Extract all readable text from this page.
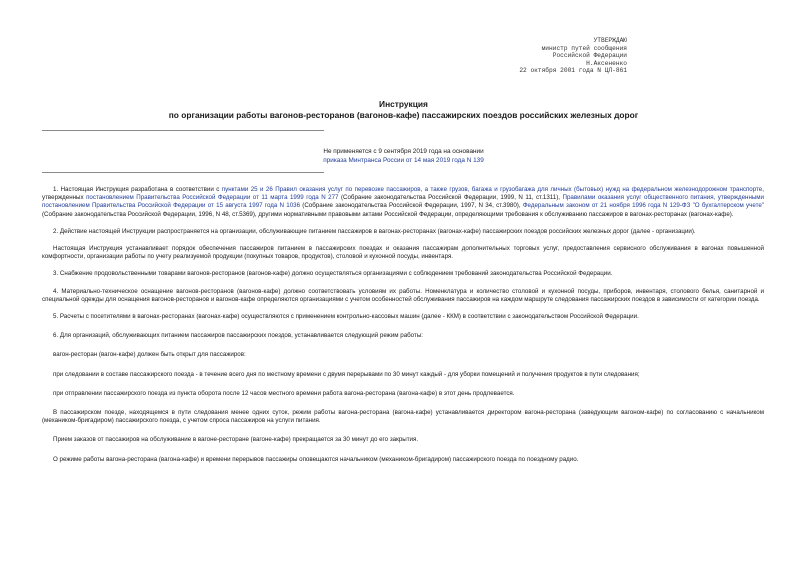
УТВЕРЖДАЮ
министр путей сообщения
Российской Федерации
Н.Аксененко
22 октября 2001 года N ЦЛ-861
Инструкция
по организации работы вагонов-ресторанов (вагонов-кафе) пассажирских поездов российских железных дорог
Не применяется с 9 сентября 2019 года на основании
приказа Минтранса России от 14 мая 2019 года N 139

1. Настоящая Инструкция разработана в соответствии с пунктами 25 и 26 Правил оказания услуг по перевозке пассажиров, а также грузов, багажа и грузобагажа для личных (бытовых) нужд на федеральном железнодорожном транспорте, утвержденных постановлением Правительства Российской Федерации от 11 марта 1999 года N 277 (Собрание законодательства Российской Федерации, 1999, N 11, ст.1311), Правилами оказания услуг общественного питания, утвержденными постановлением Правительства Российской Федерации от 15 августа 1997 года N 1036 (Собрание законодательства Российской Федерации, 1997, N 34, ст.3980), Федеральным законом от 21 ноября 1996 года N 129-ФЗ "О бухгалтерском учете" (Собрание законодательства Российской Федерации, 1996, N 48, ст.5369), другими нормативными правовыми актами Российской Федерации, определяющими требования к обслуживанию пассажиров в вагонах-ресторанах (вагонах-кафе).

2. Действие настоящей Инструкции распространяется на организации, обслуживающие питанием пассажиров в вагонах-ресторанах (вагонах-кафе) пассажирских поездов российских железных дорог (далее - организации).

Настоящая Инструкция устанавливает порядок обеспечения пассажиров питанием в пассажирских поездах и оказания пассажирам дополнительных торговых услуг, предоставления сервисного обслуживания в вагонах повышенной комфортности, организации работы по учету реализуемой продукции (покупных товаров, продуктов), столовой и кухонной посуды, инвентаря.

3. Снабжение продовольственными товарами вагонов-ресторанов (вагонов-кафе) должно осуществляться организациями с соблюдением требований законодательства Российской Федерации.

4. Материально-техническое оснащение вагонов-ресторанов (вагонов-кафе) должно соответствовать условиям их работы. Номенклатура и количество столовой и кухонной посуды, приборов, инвентаря, столового белья, санитарной и специальной одежды для оснащения вагонов-ресторанов и вагонов-кафе определяются организациями с учетом особенностей обслуживания пассажиров на каждом маршруте следования пассажирских поездов в зависимости от категории поезда.

5. Расчеты с посетителями в вагонах-ресторанах (вагонах-кафе) осуществляются с применением контрольно-кассовых машин (далее - ККМ) в соответствии с законодательством Российской Федерации.

6. Для организаций, обслуживающих питанием пассажиров пассажирских поездов, устанавливается следующий режим работы:

вагон-ресторан (вагон-кафе) должен быть открыт для пассажиров:

при следовании в составе пассажирского поезда - в течение всего дня по местному времени с двумя перерывами по 30 минут каждый - для уборки помещений и получения продуктов в пути следования;

при отправлении пассажирского поезда из пункта оборота после 12 часов местного времени работа вагона-ресторана (вагона-кафе) в этот день продлевается.

В пассажирском поезде, находящемся в пути следования менее одних суток, режим работы вагона-ресторана (вагона-кафе) устанавливается директором вагона-ресторана (заведующим вагоном-кафе) по согласованию с начальником (механиком-бригадиром) пассажирского поезда, с учетом спроса пассажиров на услуги питания.

Прием заказов от пассажиров на обслуживание в вагоне-ресторане (вагоне-кафе) прекращается за 30 минут до его закрытия.

О режиме работы вагона-ресторана (вагона-кафе) и времени перерывов пассажиры оповещаются начальником (механиком-бригадиром) пассажирского поезда по поездному радио.
